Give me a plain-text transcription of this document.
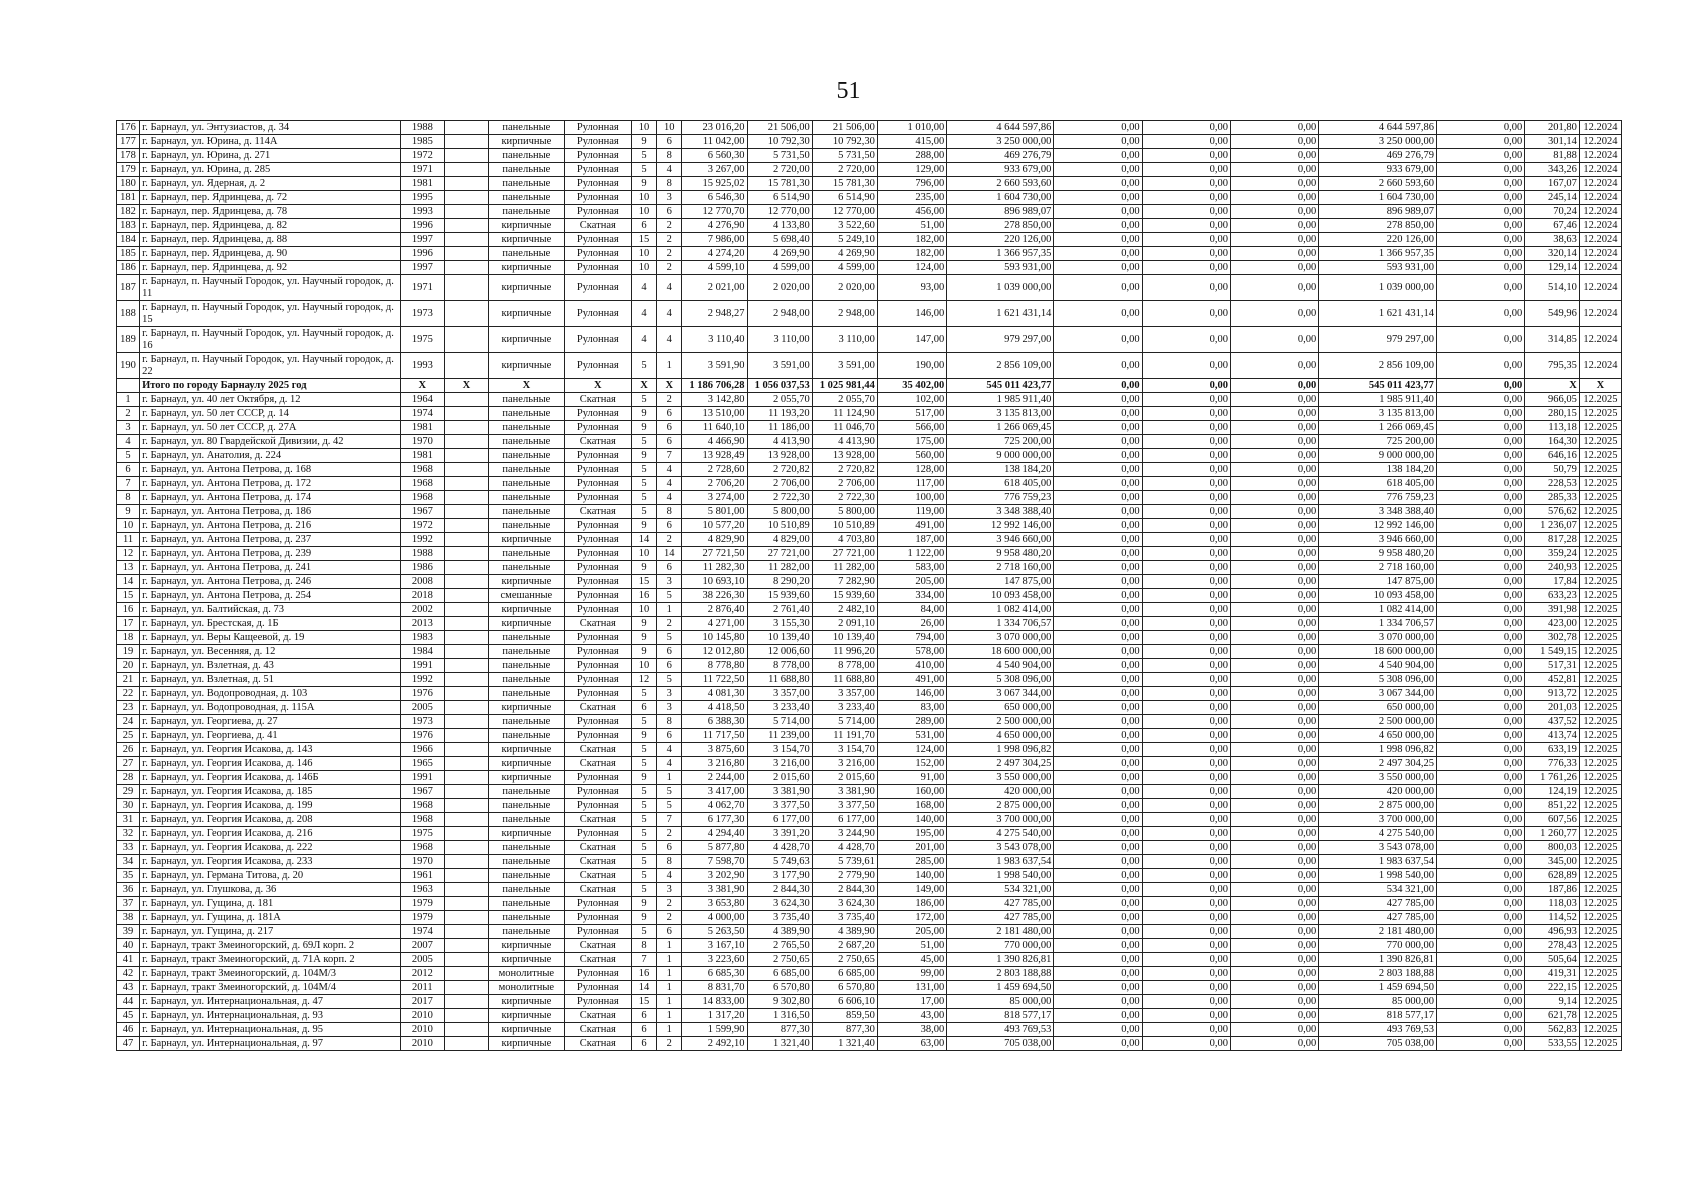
51
176	г. Барнаул, ул. Энтузиастов, д. 34	1988		панельные	Рулонная	10	10	23 016,20	21 506,00	21 506,00	1 010,00	4 644 597,86	0,00	0,00	0,00	4 644 597,86	0,00	201,80	12.2024
177	г. Барнаул, ул. Юрина, д. 114А	1985		кирпичные	Рулонная	9	6	11 042,00	10 792,30	10 792,30	415,00	3 250 000,00	0,00	0,00	0,00	3 250 000,00	0,00	301,14	12.2024
178	г. Барнаул, ул. Юрина, д. 271	1972		панельные	Рулонная	5	8	6 560,30	5 731,50	5 731,50	288,00	469 276,79	0,00	0,00	0,00	469 276,79	0,00	81,88	12.2024
179	г. Барнаул, ул. Юрина, д. 285	1971		панельные	Рулонная	5	4	3 267,00	2 720,00	2 720,00	129,00	933 679,00	0,00	0,00	0,00	933 679,00	0,00	343,26	12.2024
180	г. Барнаул, ул. Ядерная, д. 2	1981		панельные	Рулонная	9	8	15 925,02	15 781,30	15 781,30	796,00	2 660 593,60	0,00	0,00	0,00	2 660 593,60	0,00	167,07	12.2024
181	г. Барнаул, пер. Ядринцева, д. 72	1995		панельные	Рулонная	10	3	6 546,30	6 514,90	6 514,90	235,00	1 604 730,00	0,00	0,00	0,00	1 604 730,00	0,00	245,14	12.2024
182	г. Барнаул, пер. Ядринцева, д. 78	1993		панельные	Рулонная	10	6	12 770,70	12 770,00	12 770,00	456,00	896 989,07	0,00	0,00	0,00	896 989,07	0,00	70,24	12.2024
183	г. Барнаул, пер. Ядринцева, д. 82	1996		кирпичные	Скатная	6	2	4 276,90	4 133,80	3 522,60	51,00	278 850,00	0,00	0,00	0,00	278 850,00	0,00	67,46	12.2024
184	г. Барнаул, пер. Ядринцева, д. 88	1997		кирпичные	Рулонная	15	2	7 986,00	5 698,40	5 249,10	182,00	220 126,00	0,00	0,00	0,00	220 126,00	0,00	38,63	12.2024
185	г. Барнаул, пер. Ядринцева, д. 90	1996		панельные	Рулонная	10	2	4 274,20	4 269,90	4 269,90	182,00	1 366 957,35	0,00	0,00	0,00	1 366 957,35	0,00	320,14	12.2024
186	г. Барнаул, пер. Ядринцева, д. 92	1997		кирпичные	Рулонная	10	2	4 599,10	4 599,00	4 599,00	124,00	593 931,00	0,00	0,00	0,00	593 931,00	0,00	129,14	12.2024
187	г. Барнаул, п. Научный Городок, ул. Научный городок, д. 11	1971		кирпичные	Рулонная	4	4	2 021,00	2 020,00	2 020,00	93,00	1 039 000,00	0,00	0,00	0,00	1 039 000,00	0,00	514,10	12.2024
188	г. Барнаул, п. Научный Городок, ул. Научный городок, д. 15	1973		кирпичные	Рулонная	4	4	2 948,27	2 948,00	2 948,00	146,00	1 621 431,14	0,00	0,00	0,00	1 621 431,14	0,00	549,96	12.2024
189	г. Барнаул, п. Научный Городок, ул. Научный городок, д. 16	1975		кирпичные	Рулонная	4	4	3 110,40	3 110,00	3 110,00	147,00	979 297,00	0,00	0,00	0,00	979 297,00	0,00	314,85	12.2024
190	г. Барнаул, п. Научный Городок, ул. Научный городок, д. 22	1993		кирпичные	Рулонная	5	1	3 591,90	3 591,00	3 591,00	190,00	2 856 109,00	0,00	0,00	0,00	2 856 109,00	0,00	795,35	12.2024
	Итого по городу Барнаулу 2025 год	X	X	X	X	X	X	1 186 706,28	1 056 037,53	1 025 981,44	35 402,00	545 011 423,77	0,00	0,00	0,00	545 011 423,77	0,00	X	X
1	г. Барнаул, ул. 40 лет Октября, д. 12	1964		панельные	Скатная	5	2	3 142,80	2 055,70	2 055,70	102,00	1 985 911,40	0,00	0,00	0,00	1 985 911,40	0,00	966,05	12.2025
2	г. Барнаул, ул. 50 лет СССР, д. 14	1974		панельные	Рулонная	9	6	13 510,00	11 193,20	11 124,90	517,00	3 135 813,00	0,00	0,00	0,00	3 135 813,00	0,00	280,15	12.2025
3	г. Барнаул, ул. 50 лет СССР, д. 27А	1981		панельные	Рулонная	9	6	11 640,10	11 186,00	11 046,70	566,00	1 266 069,45	0,00	0,00	0,00	1 266 069,45	0,00	113,18	12.2025
4	г. Барнаул, ул. 80 Гвардейской Дивизии, д. 42	1970		панельные	Скатная	5	6	4 466,90	4 413,90	4 413,90	175,00	725 200,00	0,00	0,00	0,00	725 200,00	0,00	164,30	12.2025
5	г. Барнаул, ул. Анатолия, д. 224	1981		панельные	Рулонная	9	7	13 928,49	13 928,00	13 928,00	560,00	9 000 000,00	0,00	0,00	0,00	9 000 000,00	0,00	646,16	12.2025
6	г. Барнаул, ул. Антона Петрова, д. 168	1968		панельные	Рулонная	5	4	2 728,60	2 720,82	2 720,82	128,00	138 184,20	0,00	0,00	0,00	138 184,20	0,00	50,79	12.2025
7	г. Барнаул, ул. Антона Петрова, д. 172	1968		панельные	Рулонная	5	4	2 706,20	2 706,00	2 706,00	117,00	618 405,00	0,00	0,00	0,00	618 405,00	0,00	228,53	12.2025
8	г. Барнаул, ул. Антона Петрова, д. 174	1968		панельные	Рулонная	5	4	3 274,00	2 722,30	2 722,30	100,00	776 759,23	0,00	0,00	0,00	776 759,23	0,00	285,33	12.2025
9	г. Барнаул, ул. Антона Петрова, д. 186	1967		панельные	Скатная	5	8	5 801,00	5 800,00	5 800,00	119,00	3 348 388,40	0,00	0,00	0,00	3 348 388,40	0,00	576,62	12.2025
10	г. Барнаул, ул. Антона Петрова, д. 216	1972		панельные	Рулонная	9	6	10 577,20	10 510,89	10 510,89	491,00	12 992 146,00	0,00	0,00	0,00	12 992 146,00	0,00	1 236,07	12.2025
11	г. Барнаул, ул. Антона Петрова, д. 237	1992		кирпичные	Рулонная	14	2	4 829,90	4 829,00	4 703,80	187,00	3 946 660,00	0,00	0,00	0,00	3 946 660,00	0,00	817,28	12.2025
12	г. Барнаул, ул. Антона Петрова, д. 239	1988		панельные	Рулонная	10	14	27 721,50	27 721,00	27 721,00	1 122,00	9 958 480,20	0,00	0,00	0,00	9 958 480,20	0,00	359,24	12.2025
13	г. Барнаул, ул. Антона Петрова, д. 241	1986		панельные	Рулонная	9	6	11 282,30	11 282,00	11 282,00	583,00	2 718 160,00	0,00	0,00	0,00	2 718 160,00	0,00	240,93	12.2025
14	г. Барнаул, ул. Антона Петрова, д. 246	2008		кирпичные	Рулонная	15	3	10 693,10	8 290,20	7 282,90	205,00	147 875,00	0,00	0,00	0,00	147 875,00	0,00	17,84	12.2025
15	г. Барнаул, ул. Антона Петрова, д. 254	2018		смешанные	Рулонная	16	5	38 226,30	15 939,60	15 939,60	334,00	10 093 458,00	0,00	0,00	0,00	10 093 458,00	0,00	633,23	12.2025
16	г. Барнаул, ул. Балтийская, д. 73	2002		кирпичные	Рулонная	10	1	2 876,40	2 761,40	2 482,10	84,00	1 082 414,00	0,00	0,00	0,00	1 082 414,00	0,00	391,98	12.2025
17	г. Барнаул, ул. Брестская, д. 1Б	2013		кирпичные	Скатная	9	2	4 271,00	3 155,30	2 091,10	26,00	1 334 706,57	0,00	0,00	0,00	1 334 706,57	0,00	423,00	12.2025
18	г. Барнаул, ул. Веры Кащеевой, д. 19	1983		панельные	Рулонная	9	5	10 145,80	10 139,40	10 139,40	794,00	3 070 000,00	0,00	0,00	0,00	3 070 000,00	0,00	302,78	12.2025
19	г. Барнаул, ул. Весенняя, д. 12	1984		панельные	Рулонная	9	6	12 012,80	12 006,60	11 996,20	578,00	18 600 000,00	0,00	0,00	0,00	18 600 000,00	0,00	1 549,15	12.2025
20	г. Барнаул, ул. Взлетная, д. 43	1991		панельные	Рулонная	10	6	8 778,80	8 778,00	8 778,00	410,00	4 540 904,00	0,00	0,00	0,00	4 540 904,00	0,00	517,31	12.2025
21	г. Барнаул, ул. Взлетная, д. 51	1992		панельные	Рулонная	12	5	11 722,50	11 688,80	11 688,80	491,00	5 308 096,00	0,00	0,00	0,00	5 308 096,00	0,00	452,81	12.2025
22	г. Барнаул, ул. Водопроводная, д. 103	1976		панельные	Рулонная	5	3	4 081,30	3 357,00	3 357,00	146,00	3 067 344,00	0,00	0,00	0,00	3 067 344,00	0,00	913,72	12.2025
23	г. Барнаул, ул. Водопроводная, д. 115А	2005		кирпичные	Скатная	6	3	4 418,50	3 233,40	3 233,40	83,00	650 000,00	0,00	0,00	0,00	650 000,00	0,00	201,03	12.2025
24	г. Барнаул, ул. Георгиева, д. 27	1973		панельные	Рулонная	5	8	6 388,30	5 714,00	5 714,00	289,00	2 500 000,00	0,00	0,00	0,00	2 500 000,00	0,00	437,52	12.2025
25	г. Барнаул, ул. Георгиева, д. 41	1976		панельные	Рулонная	9	6	11 717,50	11 239,00	11 191,70	531,00	4 650 000,00	0,00	0,00	0,00	4 650 000,00	0,00	413,74	12.2025
26	г. Барнаул, ул. Георгия Исакова, д. 143	1966		кирпичные	Скатная	5	4	3 875,60	3 154,70	3 154,70	124,00	1 998 096,82	0,00	0,00	0,00	1 998 096,82	0,00	633,19	12.2025
27	г. Барнаул, ул. Георгия Исакова, д. 146	1965		кирпичные	Скатная	5	4	3 216,80	3 216,00	3 216,00	152,00	2 497 304,25	0,00	0,00	0,00	2 497 304,25	0,00	776,33	12.2025
28	г. Барнаул, ул. Георгия Исакова, д. 146Б	1991		кирпичные	Рулонная	9	1	2 244,00	2 015,60	2 015,60	91,00	3 550 000,00	0,00	0,00	0,00	3 550 000,00	0,00	1 761,26	12.2025
29	г. Барнаул, ул. Георгия Исакова, д. 185	1967		панельные	Рулонная	5	5	3 417,00	3 381,90	3 381,90	160,00	420 000,00	0,00	0,00	0,00	420 000,00	0,00	124,19	12.2025
30	г. Барнаул, ул. Георгия Исакова, д. 199	1968		панельные	Рулонная	5	5	4 062,70	3 377,50	3 377,50	168,00	2 875 000,00	0,00	0,00	0,00	2 875 000,00	0,00	851,22	12.2025
31	г. Барнаул, ул. Георгия Исакова, д. 208	1968		панельные	Скатная	5	7	6 177,30	6 177,00	6 177,00	140,00	3 700 000,00	0,00	0,00	0,00	3 700 000,00	0,00	607,56	12.2025
32	г. Барнаул, ул. Георгия Исакова, д. 216	1975		кирпичные	Рулонная	5	2	4 294,40	3 391,20	3 244,90	195,00	4 275 540,00	0,00	0,00	0,00	4 275 540,00	0,00	1 260,77	12.2025
33	г. Барнаул, ул. Георгия Исакова, д. 222	1968		панельные	Скатная	5	6	5 877,80	4 428,70	4 428,70	201,00	3 543 078,00	0,00	0,00	0,00	3 543 078,00	0,00	800,03	12.2025
34	г. Барнаул, ул. Георгия Исакова, д. 233	1970		панельные	Скатная	5	8	7 598,70	5 749,63	5 739,61	285,00	1 983 637,54	0,00	0,00	0,00	1 983 637,54	0,00	345,00	12.2025
35	г. Барнаул, ул. Германа Титова, д. 20	1961		панельные	Скатная	5	4	3 202,90	3 177,90	2 779,90	140,00	1 998 540,00	0,00	0,00	0,00	1 998 540,00	0,00	628,89	12.2025
36	г. Барнаул, ул. Глушкова, д. 36	1963		панельные	Скатная	5	3	3 381,90	2 844,30	2 844,30	149,00	534 321,00	0,00	0,00	0,00	534 321,00	0,00	187,86	12.2025
37	г. Барнаул, ул. Гущина, д. 181	1979		панельные	Рулонная	9	2	3 653,80	3 624,30	3 624,30	186,00	427 785,00	0,00	0,00	0,00	427 785,00	0,00	118,03	12.2025
38	г. Барнаул, ул. Гущина, д. 181А	1979		панельные	Рулонная	9	2	4 000,00	3 735,40	3 735,40	172,00	427 785,00	0,00	0,00	0,00	427 785,00	0,00	114,52	12.2025
39	г. Барнаул, ул. Гущина, д. 217	1974		панельные	Рулонная	5	6	5 263,50	4 389,90	4 389,90	205,00	2 181 480,00	0,00	0,00	0,00	2 181 480,00	0,00	496,93	12.2025
40	г. Барнаул, тракт Змеиногорский, д. 69Л корп. 2	2007		кирпичные	Скатная	8	1	3 167,10	2 765,50	2 687,20	51,00	770 000,00	0,00	0,00	0,00	770 000,00	0,00	278,43	12.2025
41	г. Барнаул, тракт Змеиногорский, д. 71А корп. 2	2005		кирпичные	Скатная	7	1	3 223,60	2 750,65	2 750,65	45,00	1 390 826,81	0,00	0,00	0,00	1 390 826,81	0,00	505,64	12.2025
42	г. Барнаул, тракт Змеиногорский, д. 104М/3	2012		монолитные	Рулонная	16	1	6 685,30	6 685,00	6 685,00	99,00	2 803 188,88	0,00	0,00	0,00	2 803 188,88	0,00	419,31	12.2025
43	г. Барнаул, тракт Змеиногорский, д. 104М/4	2011		монолитные	Рулонная	14	1	8 831,70	6 570,80	6 570,80	131,00	1 459 694,50	0,00	0,00	0,00	1 459 694,50	0,00	222,15	12.2025
44	г. Барнаул, ул. Интернациональная, д. 47	2017		кирпичные	Рулонная	15	1	14 833,00	9 302,80	6 606,10	17,00	85 000,00	0,00	0,00	0,00	85 000,00	0,00	9,14	12.2025
45	г. Барнаул, ул. Интернациональная, д. 93	2010		кирпичные	Скатная	6	1	1 317,20	1 316,50	859,50	43,00	818 577,17	0,00	0,00	0,00	818 577,17	0,00	621,78	12.2025
46	г. Барнаул, ул. Интернациональная, д. 95	2010		кирпичные	Скатная	6	1	1 599,90	877,30	877,30	38,00	493 769,53	0,00	0,00	0,00	493 769,53	0,00	562,83	12.2025
47	г. Барнаул, ул. Интернациональная, д. 97	2010		кирпичные	Скатная	6	2	2 492,10	1 321,40	1 321,40	63,00	705 038,00	0,00	0,00	0,00	705 038,00	0,00	533,55	12.2025
